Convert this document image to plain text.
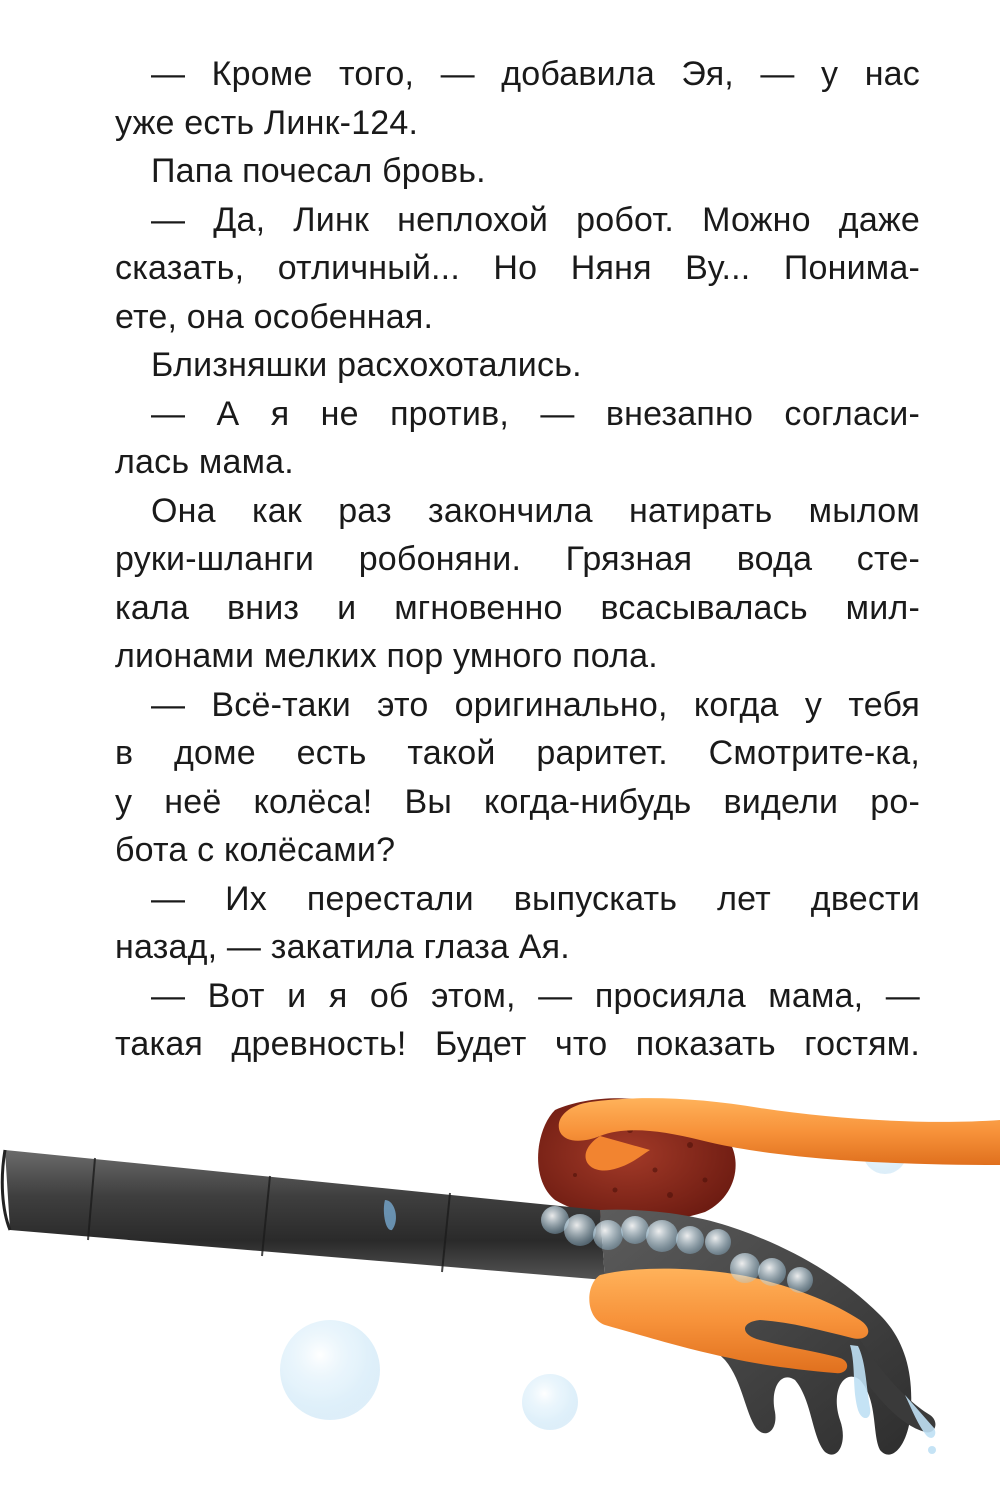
— Кроме того, — добавила Эя, — у нас
уже есть Линк-124.
Папа почесал бровь.
— Да, Линк неплохой робот. Можно даже
сказать, отличный... Но Няня Ву... Понима-
ете, она особенная.
Близняшки расхохотались.
— А я не против, — внезапно согласи-
лась мама.
Она как раз закончила натирать мылом
руки-шланги робоняни. Грязная вода сте-
кала вниз и мгновенно всасывалась мил-
лионами мелких пор умного пола.
— Всё-таки это оригинально, когда у тебя
в доме есть такой раритет. Смотрите-ка,
у неё колёса! Вы когда-нибудь видели ро-
бота с колёсами?
— Их перестали выпускать лет двести
назад, — закатила глаза Ая.
— Вот и я об этом, — просияла мама, —
такая древность! Будет что показать гостям.
